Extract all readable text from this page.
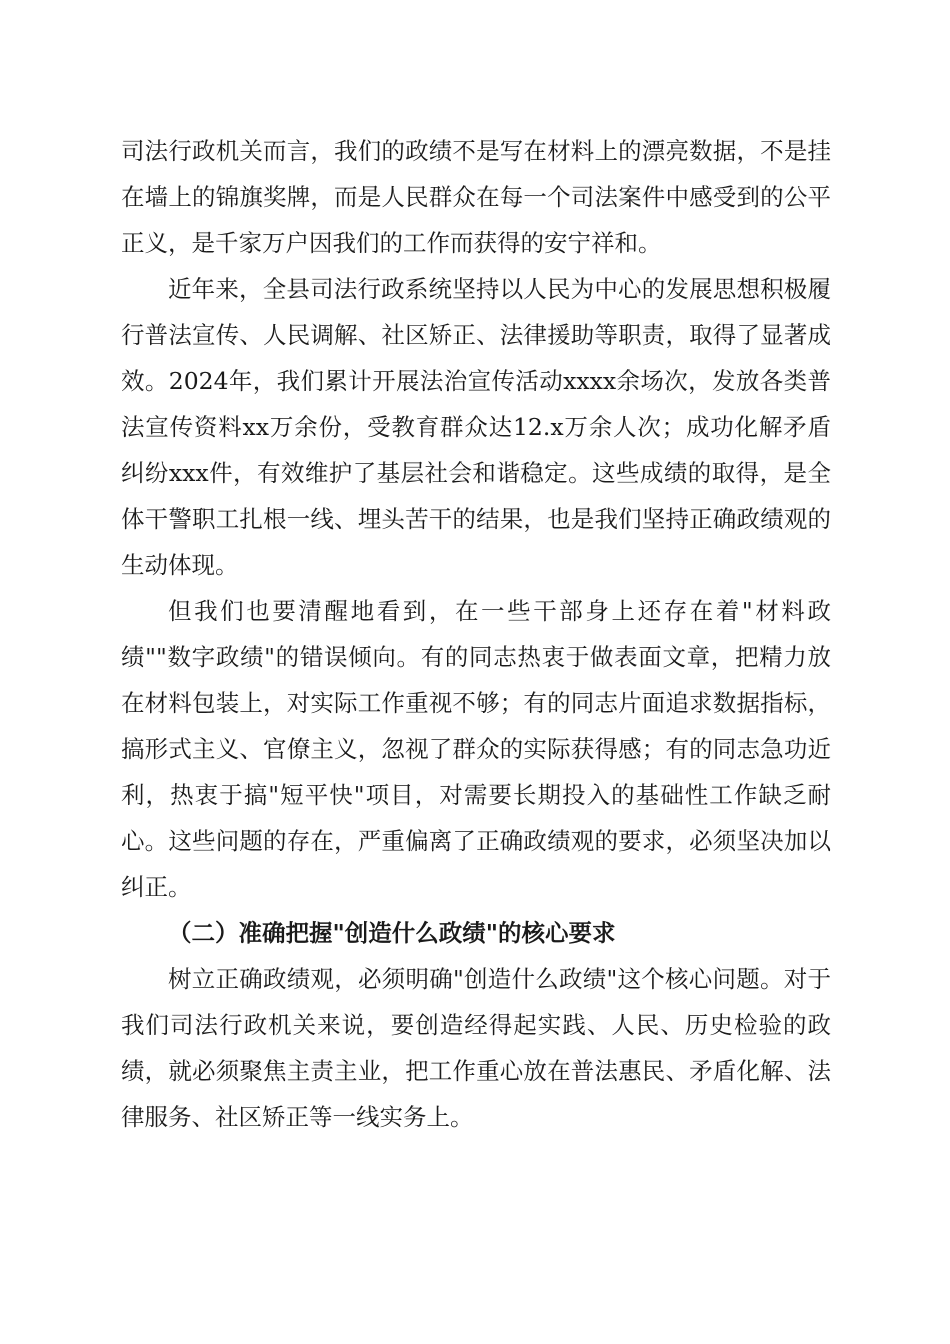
司法行政机关而言，我们的政绩不是写在材料上的漂亮数据，不是挂在墙上的锦旗奖牌，而是人民群众在每一个司法案件中感受到的公平正义，是千家万户因我们的工作而获得的安宁祥和。

近年来，全县司法行政系统坚持以人民为中心的发展思想积极履行普法宣传、人民调解、社区矫正、法律援助等职责，取得了显著成效。2024年，我们累计开展法治宣传活动xxxx余场次，发放各类普法宣传资料xx万余份，受教育群众达12.x万余人次；成功化解矛盾纠纷xxx件，有效维护了基层社会和谐稳定。这些成绩的取得，是全体干警职工扎根一线、埋头苦干的结果，也是我们坚持正确政绩观的生动体现。

但我们也要清醒地看到，在一些干部身上还存在着"材料政绩""数字政绩"的错误倾向。有的同志热衷于做表面文章，把精力放在材料包装上，对实际工作重视不够；有的同志片面追求数据指标，搞形式主义、官僚主义，忽视了群众的实际获得感；有的同志急功近利，热衷于搞"短平快"项目，对需要长期投入的基础性工作缺乏耐心。这些问题的存在，严重偏离了正确政绩观的要求，必须坚决加以纠正。

（二）准确把握"创造什么政绩"的核心要求

树立正确政绩观，必须明确"创造什么政绩"这个核心问题。对于我们司法行政机关来说，要创造经得起实践、人民、历史检验的政绩，就必须聚焦主责主业，把工作重心放在普法惠民、矛盾化解、法律服务、社区矫正等一线实务上。
